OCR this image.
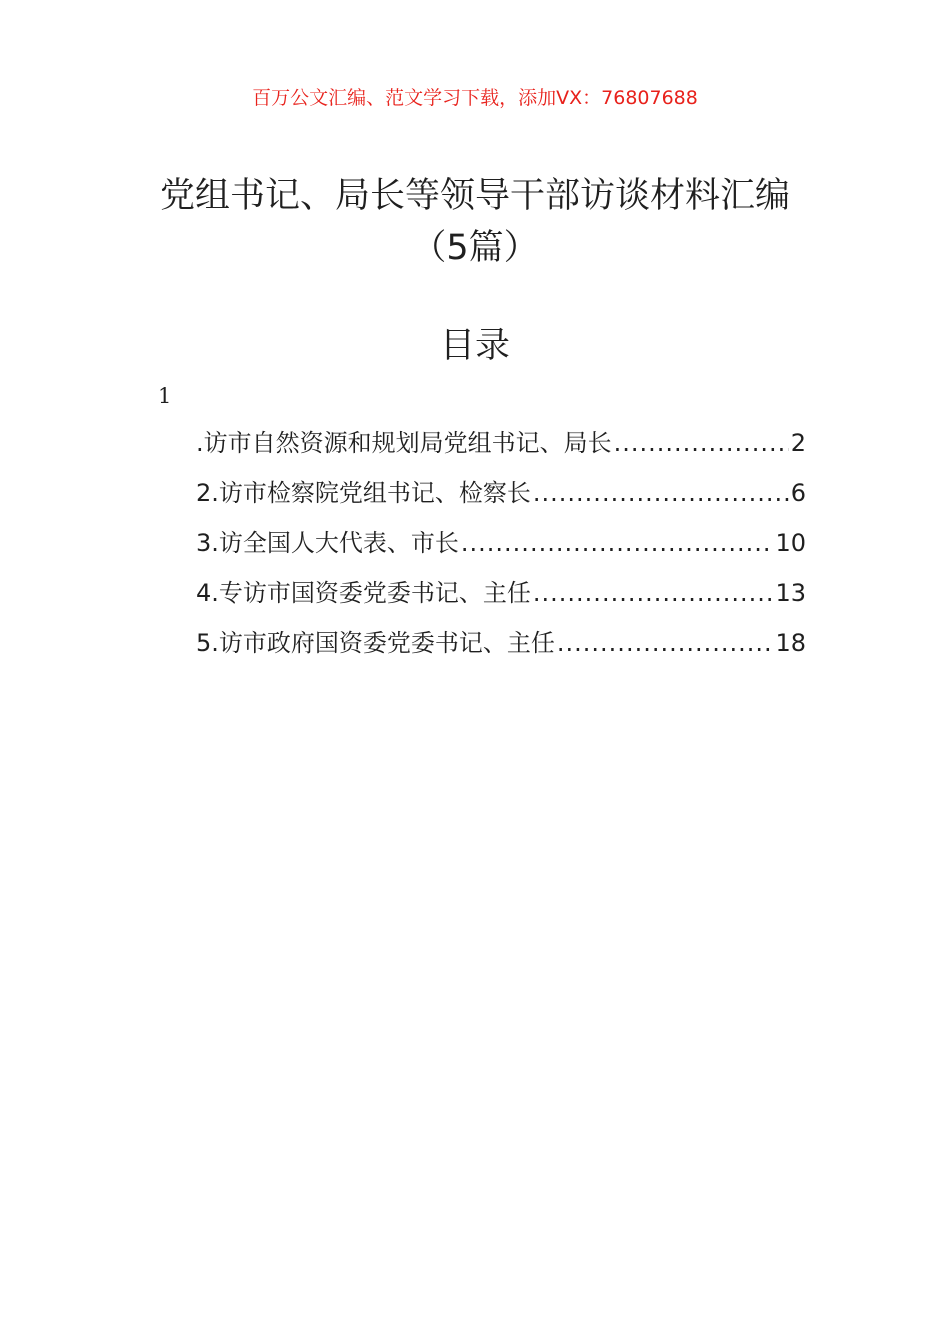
百万公文汇编、范文学习下载，添加VX：76807688
党组书记、局长等领导干部访谈材料汇编
（5篇）
目录
1
.访市自然资源和规划局党组书记、局长 .....	2
2.访市检察院党组书记、检察长 .....	6
3.访全国人大代表、市长 .....	10
4.专访市国资委党委书记、主任 .....	13
5.访市政府国资委党委书记、主任 .....	18
